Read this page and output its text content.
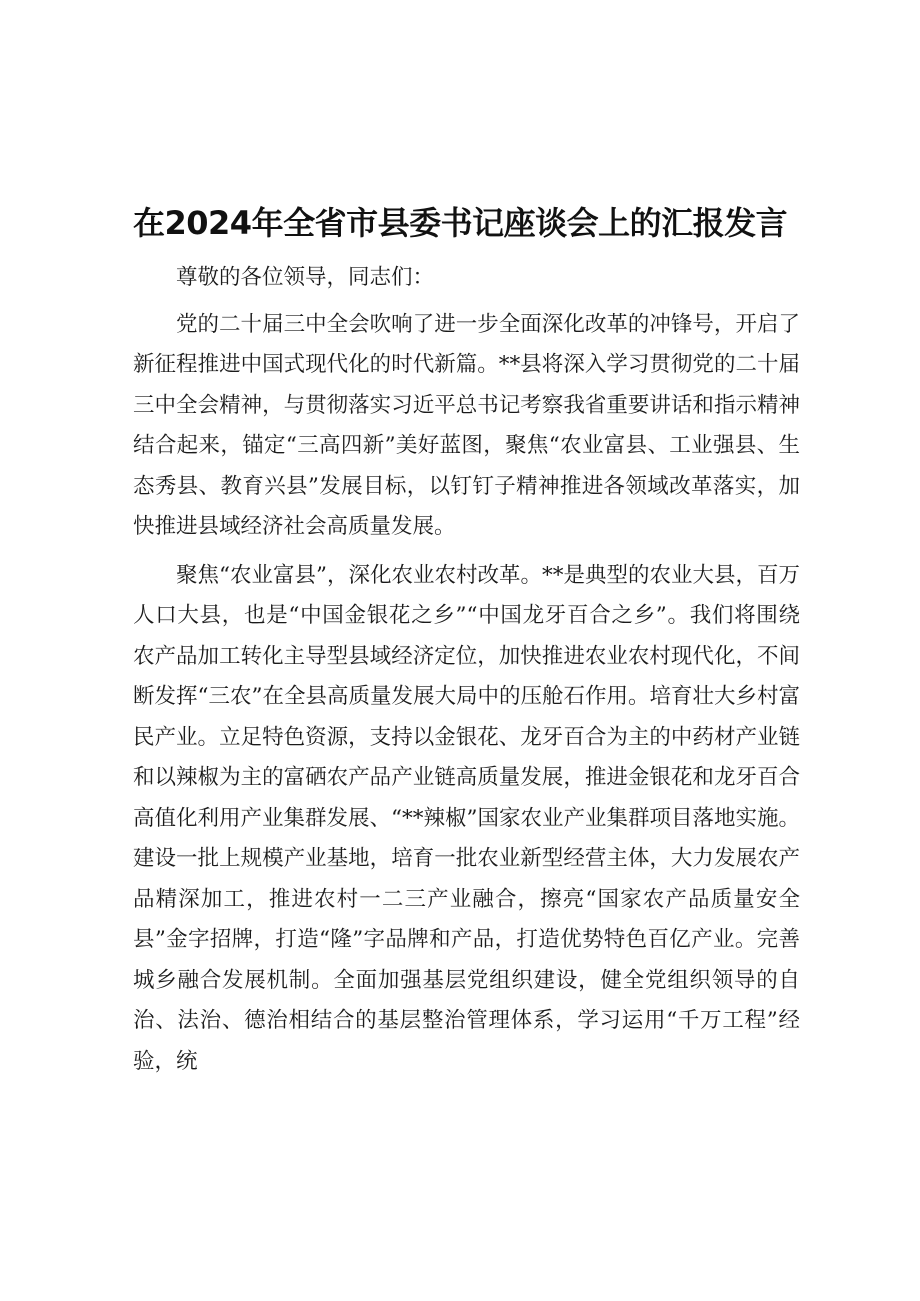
在2024年全省市县委书记座谈会上的汇报发言

尊敬的各位领导，同志们：

党的二十届三中全会吹响了进一步全面深化改革的冲锋号，开启了新征程推进中国式现代化的时代新篇。**县将深入学习贯彻党的二十届三中全会精神，与贯彻落实习近平总书记考察我省重要讲话和指示精神结合起来，锚定“三高四新”美好蓝图，聚焦“农业富县、工业强县、生态秀县、教育兴县”发展目标，以钉钉子精神推进各领域改革落实，加快推进县域经济社会高质量发展。

聚焦“农业富县”，深化农业农村改革。**是典型的农业大县，百万人口大县，也是“中国金银花之乡”“中国龙牙百合之乡”。我们将围绕农产品加工转化主导型县域经济定位，加快推进农业农村现代化，不间断发挥“三农”在全县高质量发展大局中的压舱石作用。培育壮大乡村富民产业。立足特色资源，支持以金银花、龙牙百合为主的中药材产业链和以辣椒为主的富硒农产品产业链高质量发展，推进金银花和龙牙百合高值化利用产业集群发展、“**辣椒”国家农业产业集群项目落地实施。建设一批上规模产业基地，培育一批农业新型经营主体，大力发展农产品精深加工，推进农村一二三产业融合，擦亮“国家农产品质量安全县”金字招牌，打造“隆”字品牌和产品，打造优势特色百亿产业。完善城乡融合发展机制。全面加强基层党组织建设，健全党组织领导的自治、法治、德治相结合的基层整治管理体系，学习运用“千万工程”经验，统
